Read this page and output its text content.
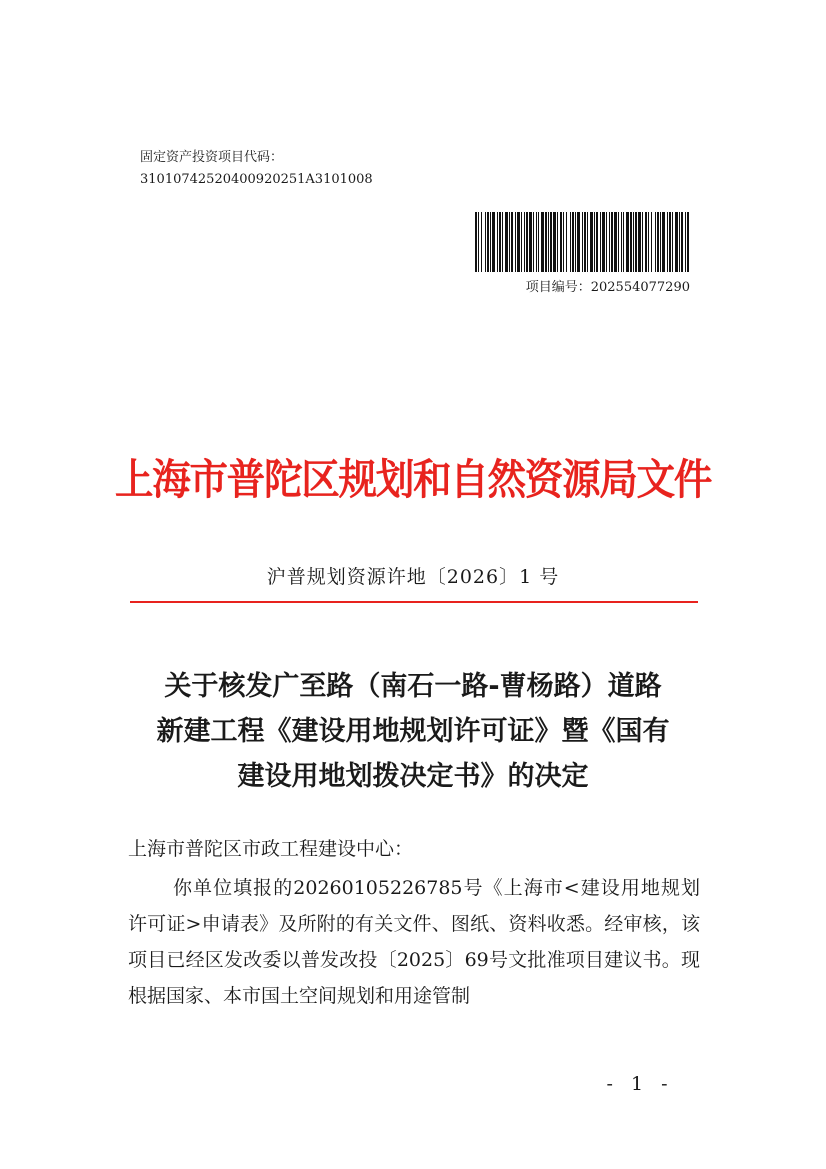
固定资产投资项目代码：
31010742520400920251A3101008
项目编号：202554077290
上海市普陀区规划和自然资源局文件
沪普规划资源许地〔2026〕1 号
关于核发广至路（南石一路-曹杨路）道路
新建工程《建设用地规划许可证》暨《国有
建设用地划拨决定书》的决定
上海市普陀区市政工程建设中心：
你单位填报的20260105226785号《上海市<建设用地规划许可证>申请表》及所附的有关文件、图纸、资料收悉。经审核，该项目已经区发改委以普发改投〔2025〕69号文批准项目建议书。现根据国家、本市国土空间规划和用途管制
- 1 -
